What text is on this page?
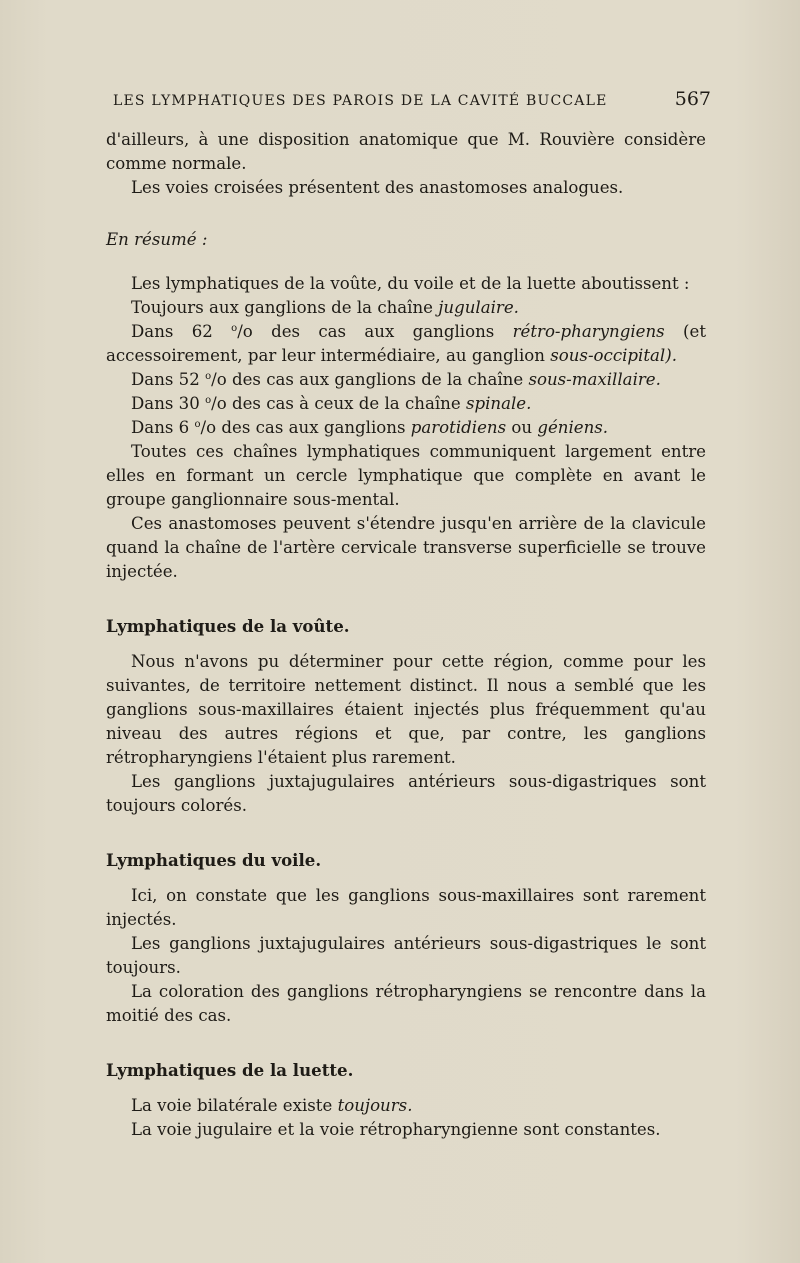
LES LYMPHATIQUES DES PAROIS DE LA CAVITÉ BUCCALE	567

d'ailleurs, à une disposition anatomique que M. Rouvière considère comme normale.

Les voies croisées présentent des anastomoses analogues.

En résumé :

Les lymphatiques de la voûte, du voile et de la luette aboutissent :

Toujours aux ganglions de la chaîne jugulaire.

Dans 62 $^o$/o des cas aux ganglions rétro-pharyngiens (et accessoirement, par leur intermédiaire, au ganglion sous-occipital).

Dans 52 $^o$/o des cas aux ganglions de la chaîne sous-maxillaire.

Dans 30 $^o$/o des cas à ceux de la chaîne spinale.

Dans 6 $^o$/o des cas aux ganglions parotidiens ou géniens.

Toutes ces chaînes lymphatiques communiquent largement entre elles en formant un cercle lymphatique que complète en avant le groupe ganglionnaire sous-mental.

Ces anastomoses peuvent s'étendre jusqu'en arrière de la clavicule quand la chaîne de l'artère cervicale transverse superficielle se trouve injectée.

Lymphatiques de la voûte.

Nous n'avons pu déterminer pour cette région, comme pour les suivantes, de territoire nettement distinct. Il nous a semblé que les ganglions sous-maxillaires étaient injectés plus fréquemment qu'au niveau des autres régions et que, par contre, les ganglions rétropharyngiens l'étaient plus rarement.

Les ganglions juxtajugulaires antérieurs sous-digastriques sont toujours colorés.

Lymphatiques du voile.

Ici, on constate que les ganglions sous-maxillaires sont rarement injectés.

Les ganglions juxtajugulaires antérieurs sous-digastriques le sont toujours.

La coloration des ganglions rétropharyngiens se rencontre dans la moitié des cas.

Lymphatiques de la luette.

La voie bilatérale existe toujours.

La voie jugulaire et la voie rétropharyngienne sont constantes.
